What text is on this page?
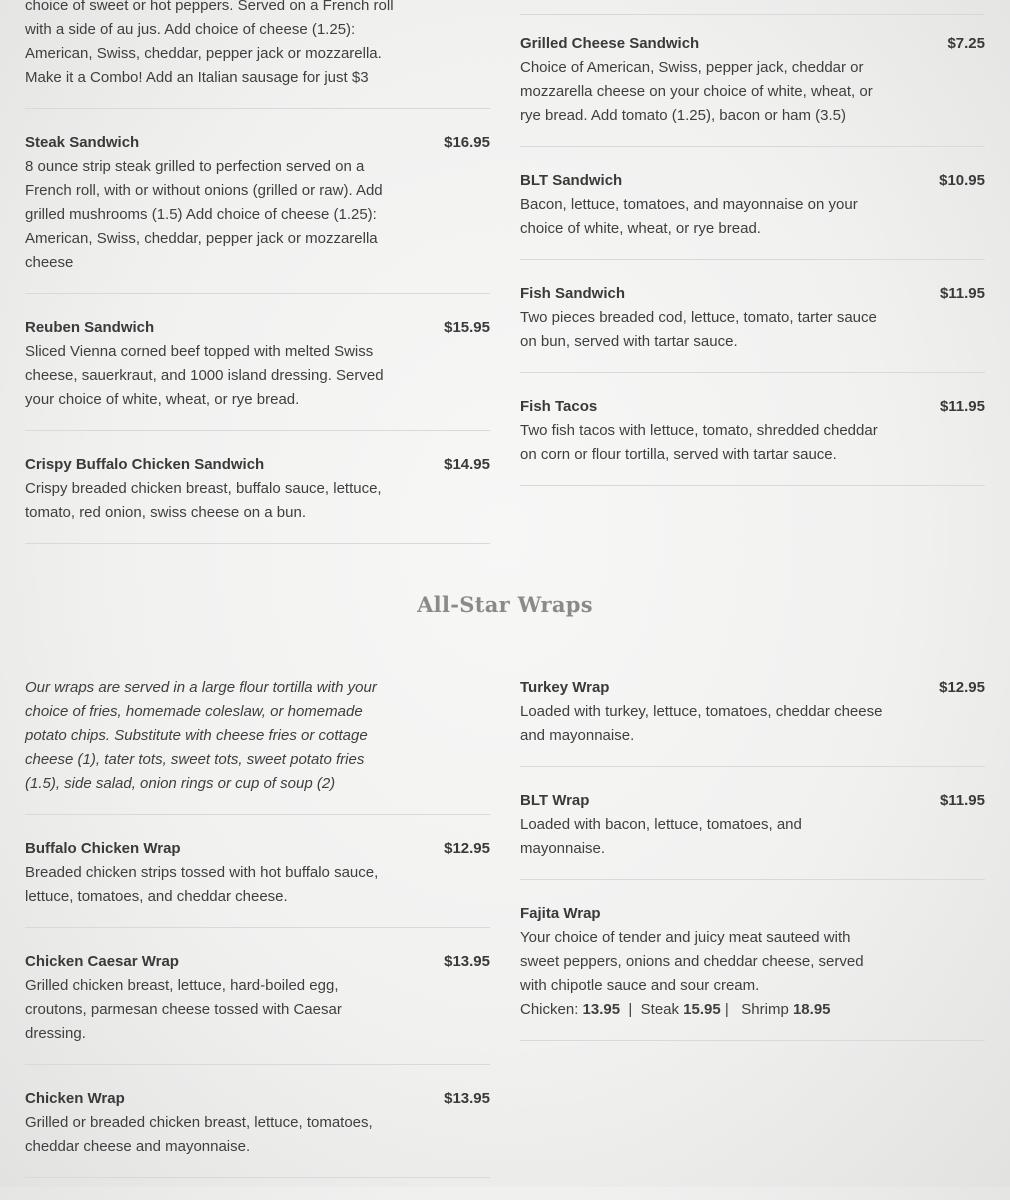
choice of sweet or hot peppers. Served on a French roll with a side of au jus. Add choice of cheese (1.25): American, Swiss, cheddar, pepper jack or mozzarella. Make it a Combo! Add an Italian sausage for just $3
Steak Sandwich	$16.95
8 ounce strip steak grilled to perfection served on a French roll, with or without onions (grilled or raw). Add grilled mushrooms (1.5) Add choice of cheese (1.25): American, Swiss, cheddar, pepper jack or mozzarella cheese
Reuben Sandwich	$15.95
Sliced Vienna corned beef topped with melted Swiss cheese, sauerkraut, and 1000 island dressing. Served your choice of white, wheat, or rye bread.
Crispy Buffalo Chicken Sandwich	$14.95
Crispy breaded chicken breast, buffalo sauce, lettuce, tomato, red onion, swiss cheese on a bun.
Grilled Cheese Sandwich	$7.25
Choice of American, Swiss, pepper jack, cheddar or mozzarella cheese on your choice of white, wheat, or rye bread. Add tomato (1.25), bacon or ham (3.5)
BLT Sandwich	$10.95
Bacon, lettuce, tomatoes, and mayonnaise on your choice of white, wheat, or rye bread.
Fish Sandwich	$11.95
Two pieces breaded cod, lettuce, tomato, tarter sauce on bun, served with tartar sauce.
Fish Tacos	$11.95
Two fish tacos with lettuce, tomato, shredded cheddar on corn or flour tortilla, served with tartar sauce.
All-Star Wraps
Our wraps are served in a large flour tortilla with your choice of fries, homemade coleslaw, or homemade potato chips. Substitute with cheese fries or cottage cheese (1), tater tots, sweet tots, sweet potato fries (1.5), side salad, onion rings or cup of soup (2)
Buffalo Chicken Wrap	$12.95
Breaded chicken strips tossed with hot buffalo sauce, lettuce, tomatoes, and cheddar cheese.
Chicken Caesar Wrap	$13.95
Grilled chicken breast, lettuce, hard-boiled egg, croutons, parmesan cheese tossed with Caesar dressing.
Chicken Wrap	$13.95
Grilled or breaded chicken breast, lettuce, tomatoes, cheddar cheese and mayonnaise.
Turkey Wrap	$12.95
Loaded with turkey, lettuce, tomatoes, cheddar cheese and mayonnaise.
BLT Wrap	$11.95
Loaded with bacon, lettuce, tomatoes, and mayonnaise.
Fajita Wrap
Your choice of tender and juicy meat sauteed with sweet peppers, onions and cheddar cheese, served with chipotle sauce and sour cream.
Chicken: 13.95  |  Steak 15.95 |   Shrimp 18.95
